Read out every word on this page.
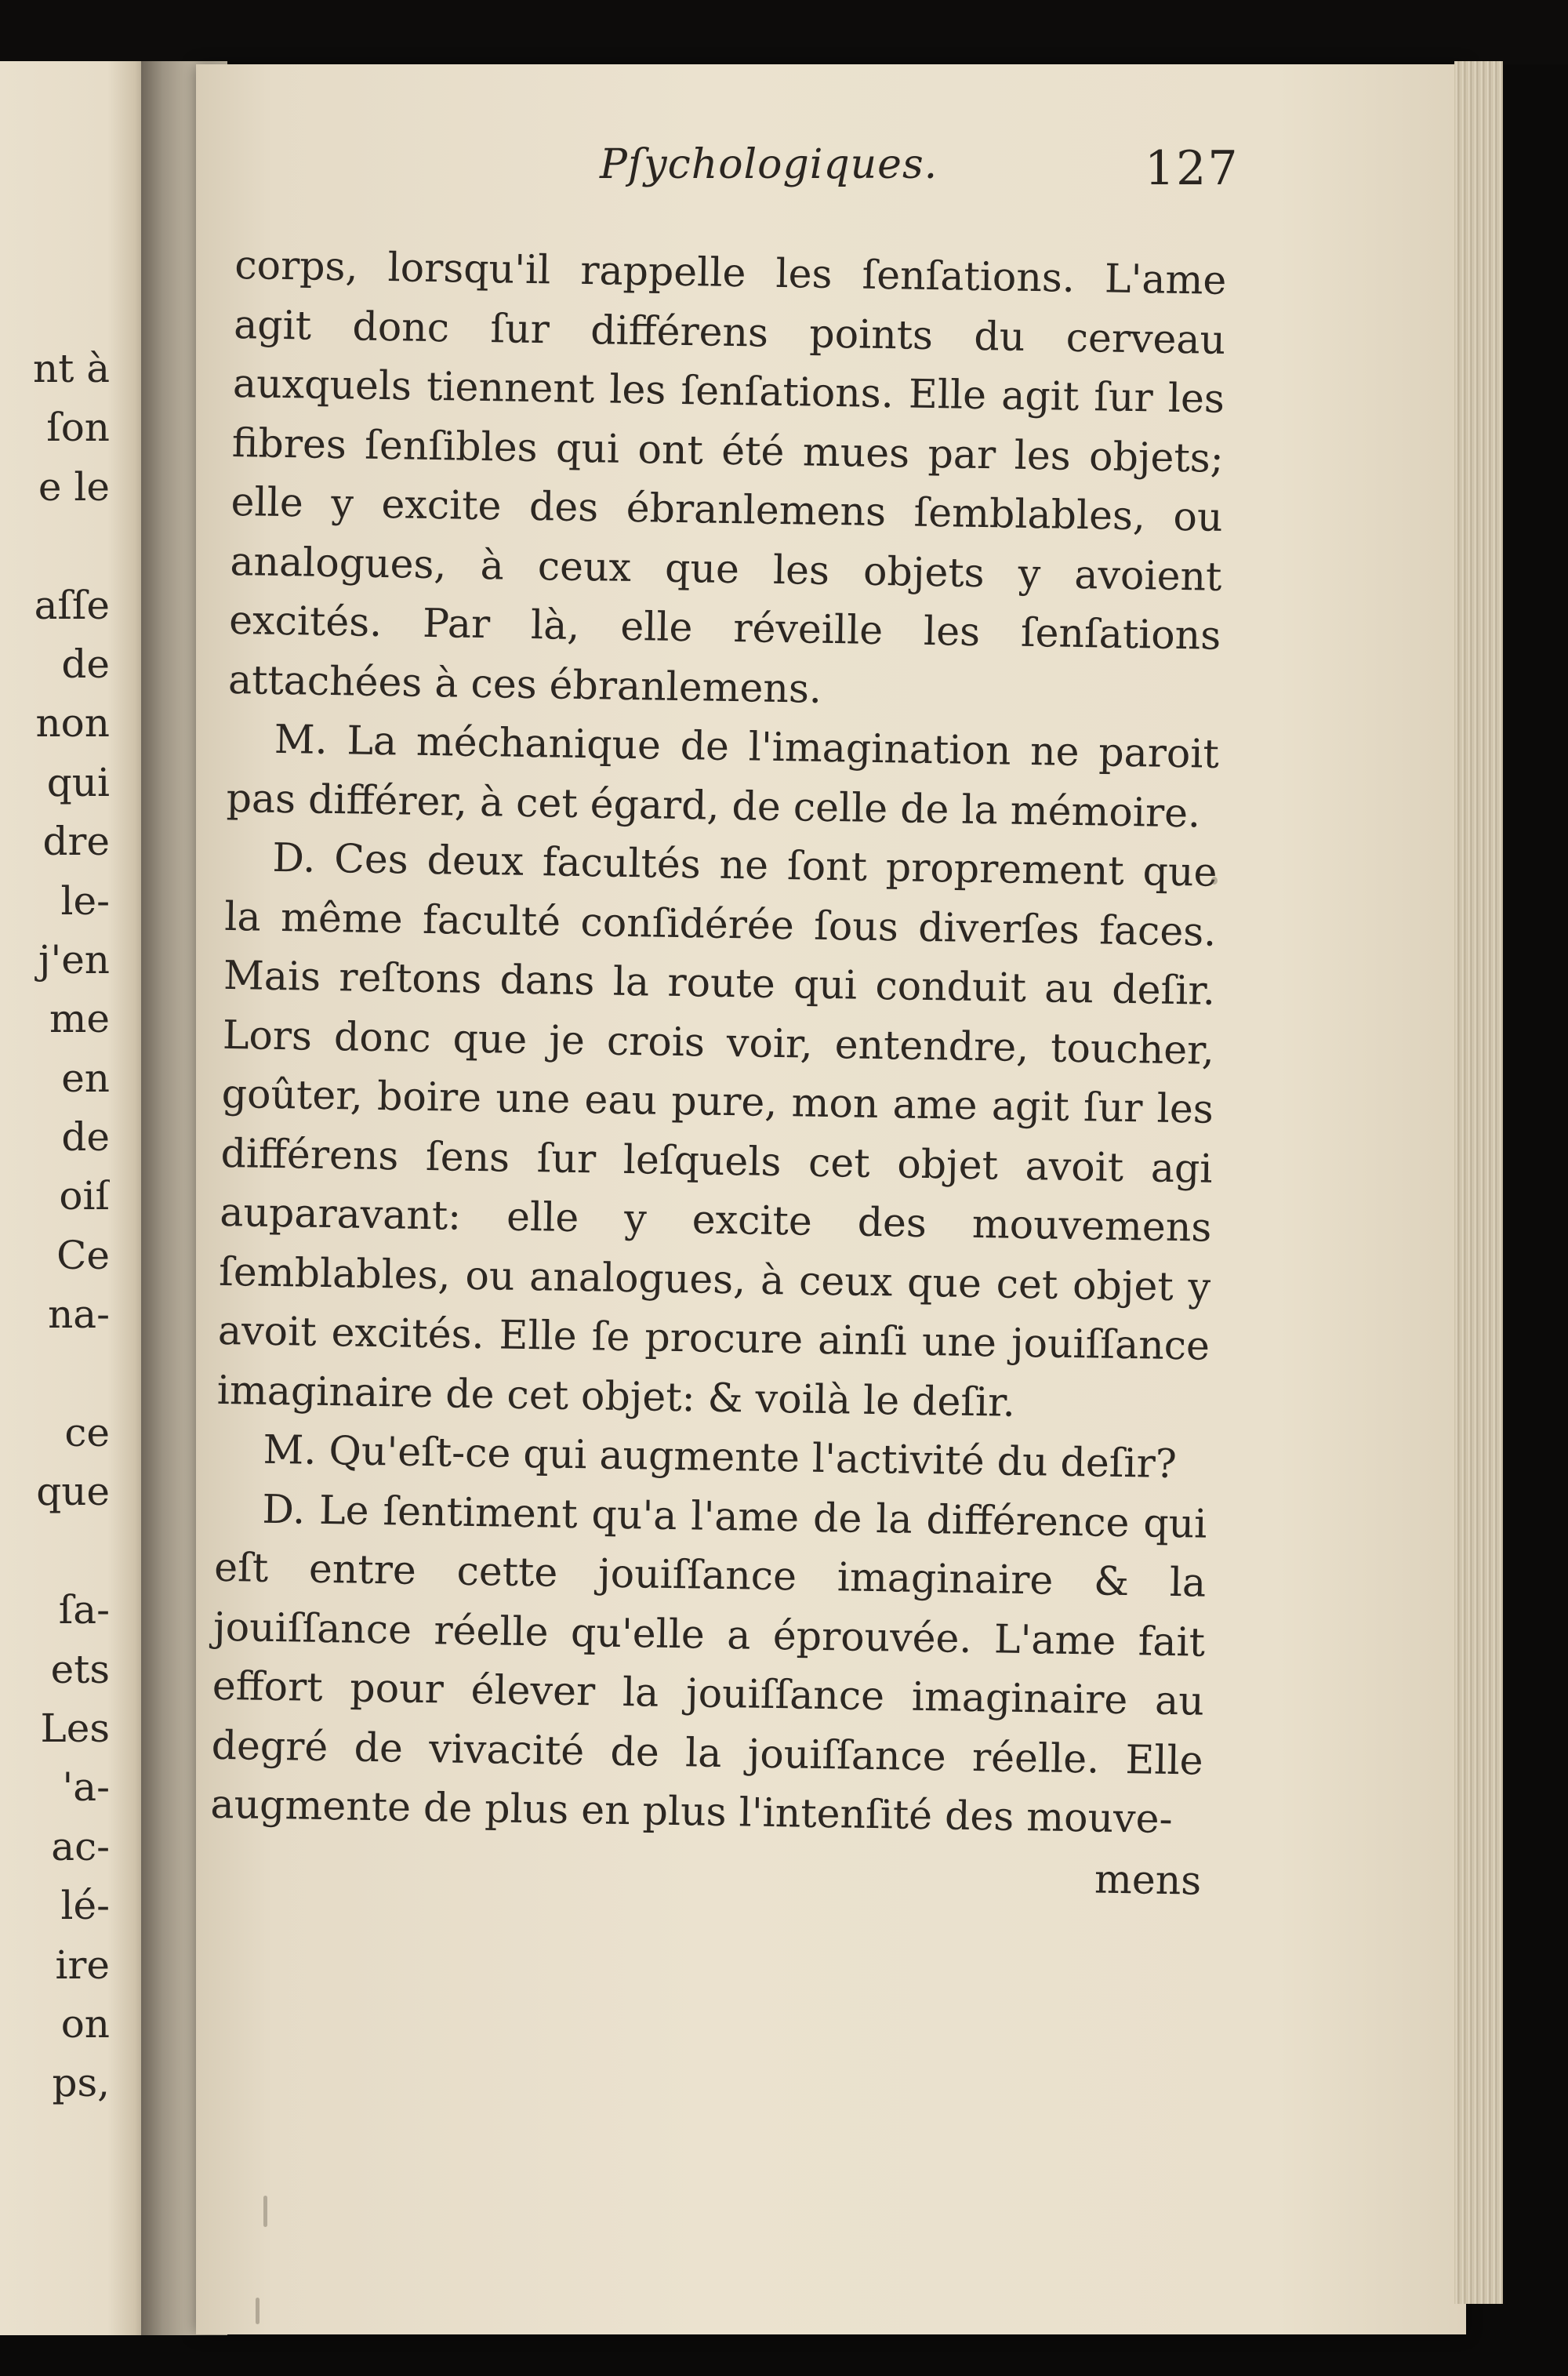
nt à
ſon
e le
aſſe
de
non
qui
dre
le-
j'en
me
en
de
oiſ
Ce
na-
ce
que
ſa-
ets
Les
'a-
ac-
lé-
ire
on
ps,
Pſychologiques.	127

corps, lorsqu'il rappelle les ſenſations. L'ame agit donc ſur différens points du cerveau auxquels tiennent les ſenſations. Elle agit ſur les fibres ſenſibles qui ont été mues par les objets; elle y excite des ébranlemens ſemblables, ou analogues, à ceux que les objets y avoient excités. Par là, elle réveille les ſenſations attachées à ces ébranlemens.

M. La méchanique de l'imagination ne paroit pas différer, à cet égard, de celle de la mémoire.

D. Ces deux facultés ne ſont proprement que la même faculté conſidérée ſous diverſes faces. Mais reſtons dans la route qui conduit au deſir. Lors donc que je crois voir, entendre, toucher, goûter, boire une eau pure, mon ame agit ſur les différens ſens ſur leſquels cet objet avoit agi auparavant: elle y excite des mouvemens ſemblables, ou analogues, à ceux que cet objet y avoit excités. Elle ſe procure ainſi une jouiſſance imaginaire de cet objet: & voilà le deſir.

M. Qu'eſt-ce qui augmente l'activité du deſir?

D. Le ſentiment qu'a l'ame de la différence qui eſt entre cette jouiſſance imaginaire & la jouiſſance réelle qu'elle a éprouvée. L'ame fait effort pour élever la jouiſſance imaginaire au degré de vivacité de la jouiſſance réelle. Elle augmente de plus en plus l'intenſité des mouve-

mens
